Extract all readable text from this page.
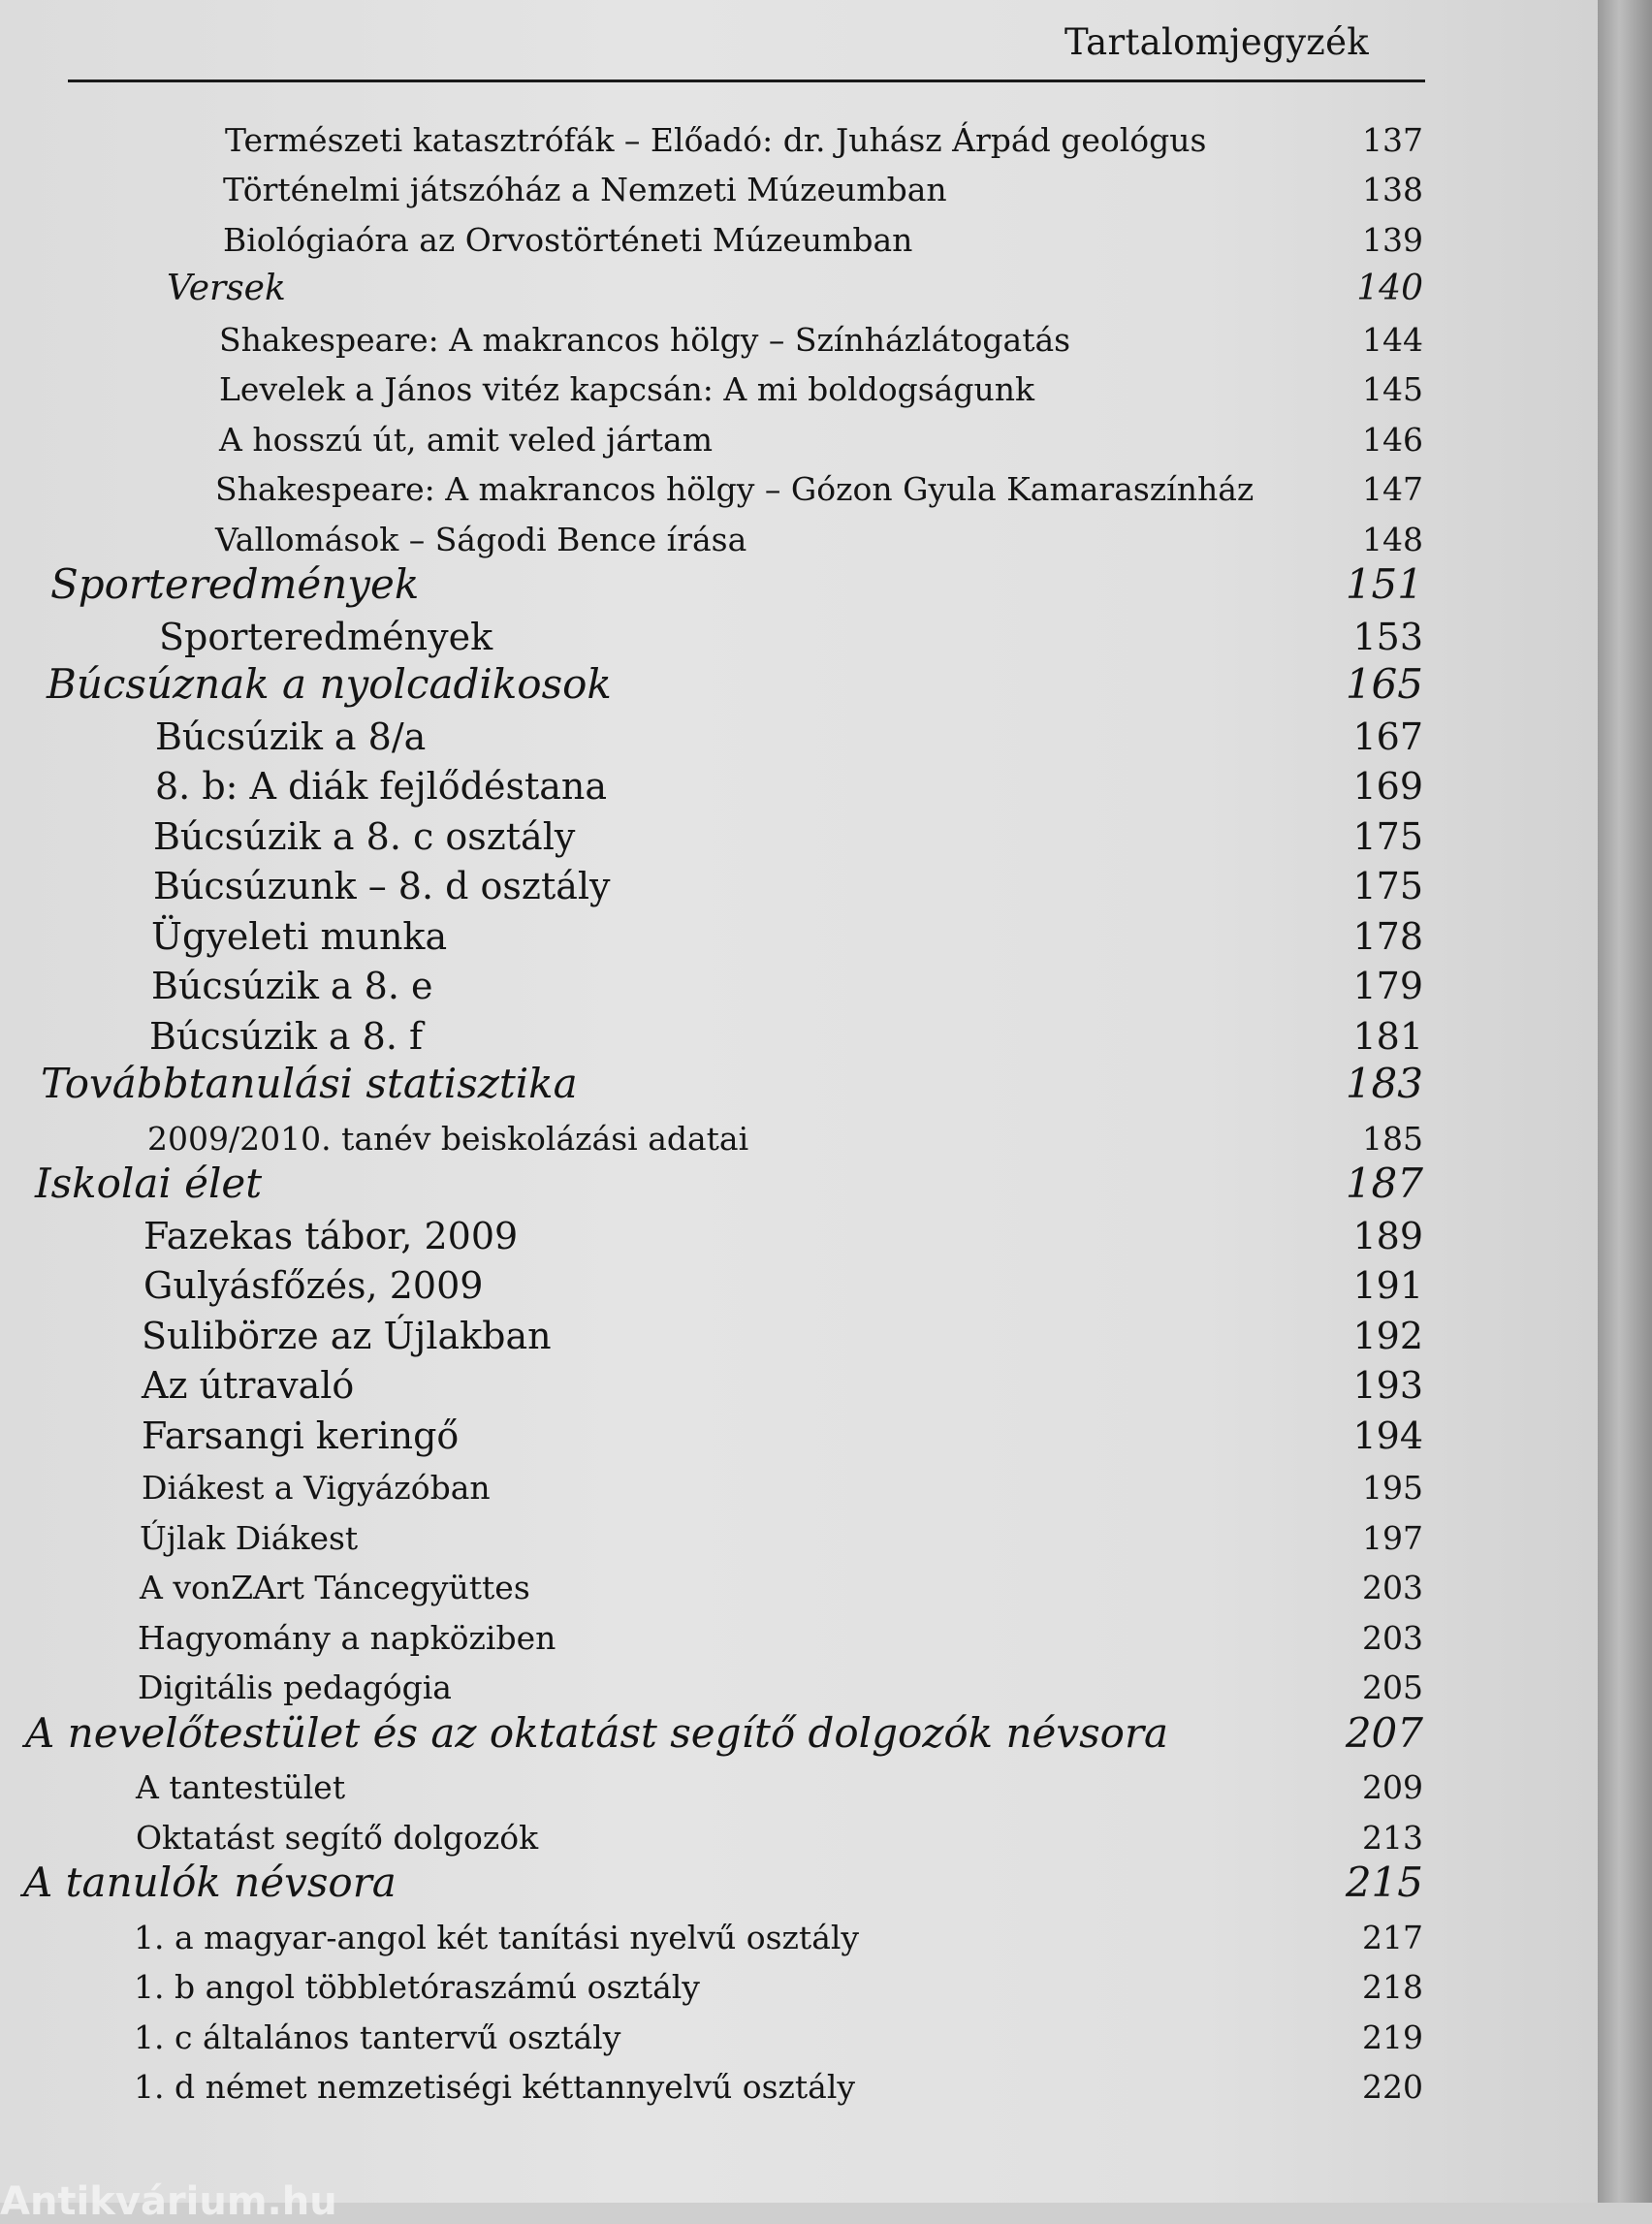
Tartalomjegyzék
Természeti katasztrófák – Előadó: dr. Juhász Árpád geológus	137
Történelmi játszóház a Nemzeti Múzeumban	138
Biológiaóra az Orvostörténeti Múzeumban	139
Versek	140
Shakespeare: A makrancos hölgy – Színházlátogatás	144
Levelek a János vitéz kapcsán: A mi boldogságunk	145
A hosszú út, amit veled jártam	146
Shakespeare: A makrancos hölgy – Gózon Gyula Kamaraszínház	147
Vallomások – Ságodi Bence írása	148
Sporteredmények	151
Sporteredmények	153
Búcsúznak a nyolcadikosok	165
Búcsúzik a 8/a	167
8. b: A diák fejlődéstana	169
Búcsúzik a 8. c osztály	175
Búcsúzunk – 8. d osztály	175
Ügyeleti munka	178
Búcsúzik a 8. e	179
Búcsúzik a 8. f	181
Továbbtanulási statisztika	183
2009/2010. tanév beiskolázási adatai	185
Iskolai élet	187
Fazekas tábor, 2009	189
Gulyásfőzés, 2009	191
Sulibörze az Újlakban	192
Az útravaló	193
Farsangi keringő	194
Diákest a Vigyázóban	195
Újlak Diákest	197
A vonZArt Táncegyüttes	203
Hagyomány a napköziben	203
Digitális pedagógia	205
A nevelőtestület és az oktatást segítő dolgozók névsora	207
A tantestület	209
Oktatást segítő dolgozók	213
A tanulók névsora	215
1. a magyar-angol két tanítási nyelvű osztály	217
1. b angol többletóraszámú osztály	218
1. c általános tantervű osztály	219
1. d német nemzetiségi kéttannyelvű osztály	220
Antikvárium.hu
